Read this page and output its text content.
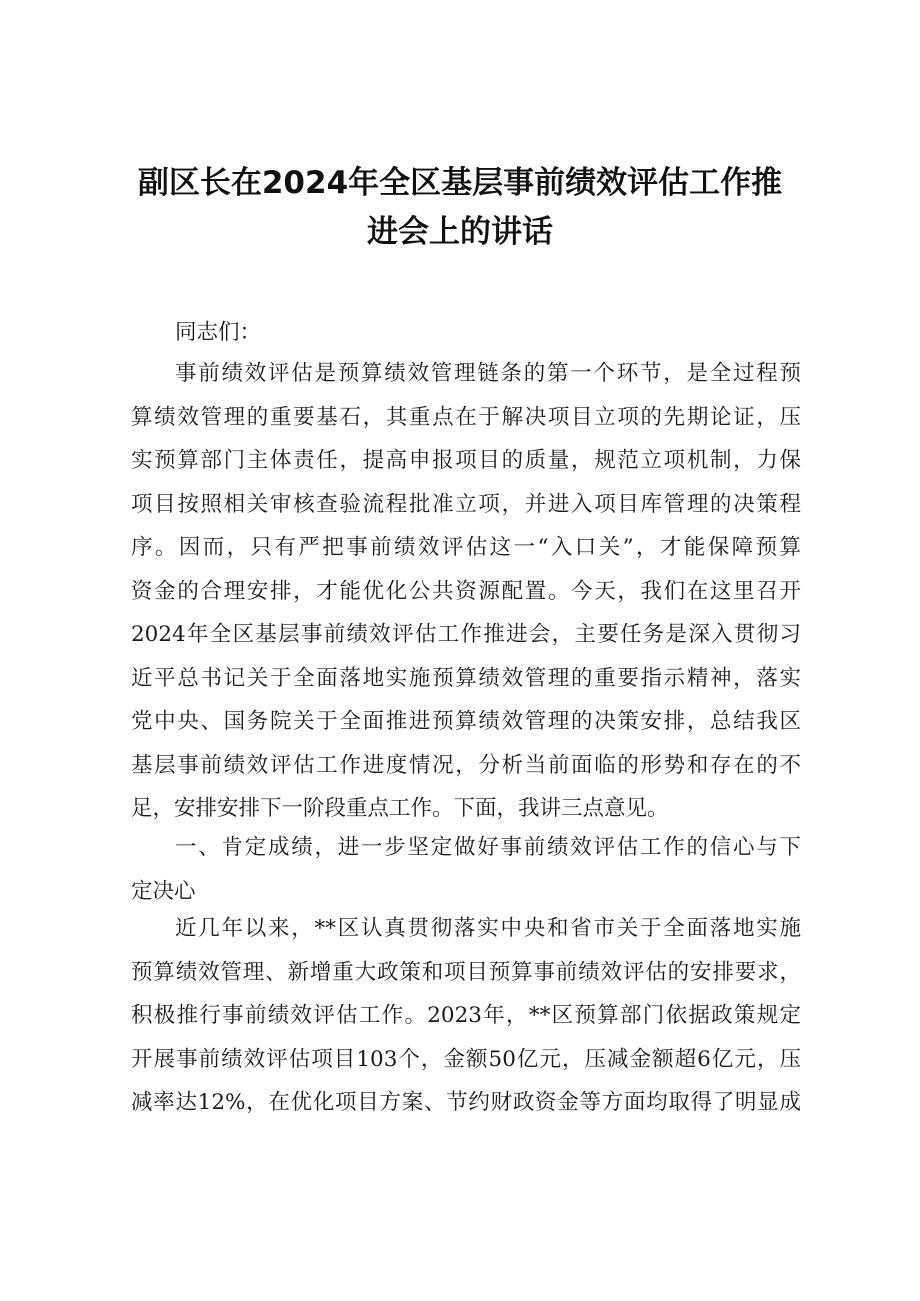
副区长在2024年全区基层事前绩效评估工作推
进会上的讲话
同志们：
事前绩效评估是预算绩效管理链条的第一个环节，是全过程预
算绩效管理的重要基石，其重点在于解决项目立项的先期论证，压
实预算部门主体责任，提高申报项目的质量，规范立项机制，力保
项目按照相关审核查验流程批准立项，并进入项目库管理的决策程
序。因而，只有严把事前绩效评估这一“入口关”，才能保障预算
资金的合理安排，才能优化公共资源配置。今天，我们在这里召开
2024年全区基层事前绩效评估工作推进会，主要任务是深入贯彻习
近平总书记关于全面落地实施预算绩效管理的重要指示精神，落实
党中央、国务院关于全面推进预算绩效管理的决策安排，总结我区
基层事前绩效评估工作进度情况，分析当前面临的形势和存在的不
足，安排安排下一阶段重点工作。下面，我讲三点意见。
一、肯定成绩，进一步坚定做好事前绩效评估工作的信心与下
定决心
近几年以来，**区认真贯彻落实中央和省市关于全面落地实施
预算绩效管理、新增重大政策和项目预算事前绩效评估的安排要求，
积极推行事前绩效评估工作。2023年，**区预算部门依据政策规定
开展事前绩效评估项目103个，金额50亿元，压减金额超6亿元，压
减率达12%，在优化项目方案、节约财政资金等方面均取得了明显成
